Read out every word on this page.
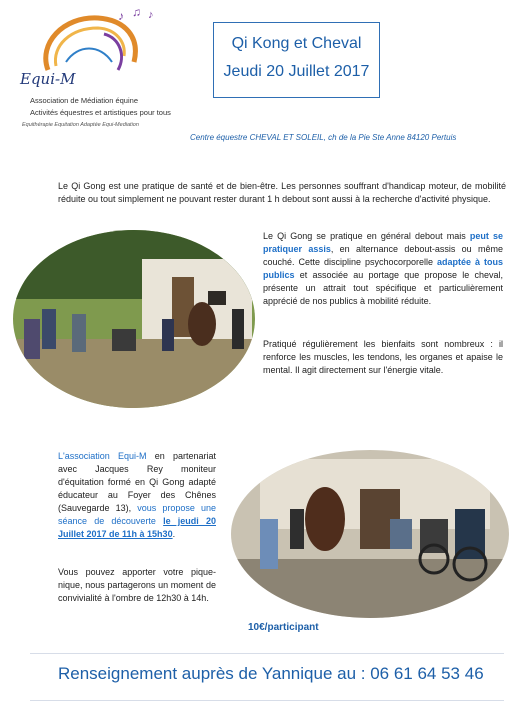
♪ ♫ ♪
Equi-M
Association de Médiation équine
Activités équestres et artistiques pour tous
Equithérapie Equitation Adaptée Equi-Mediation
Qi Kong et Cheval
Jeudi 20 Juillet 2017
Centre équestre CHEVAL ET SOLEIL, ch de la Pie Ste Anne 84120 Pertuis
Le Qi Gong est une pratique de santé et de bien-être. Les personnes souffrant d'handicap moteur, de mobilité réduite ou tout simplement ne pouvant rester durant 1 h debout sont aussi à la recherche d'activité physique.
Le Qi Gong se pratique en général debout mais peut se pratiquer assis, en alternance debout-assis ou même couché. Cette discipline psychocorporelle adaptée à tous publics et associée au portage que propose le cheval, présente un attrait tout spécifique et particulièrement apprécié de nos publics à mobilité réduite.
Pratiqué régulièrement les bienfaits sont nombreux : il renforce les muscles, les tendons, les organes et apaise le mental. Il agit directement sur l'énergie vitale.
L'association Equi-M en partenariat avec Jacques Rey moniteur d'équitation formé en Qi Gong adapté éducateur au Foyer des Chênes (Sauvegarde 13), vous propose une séance de découverte le jeudi 20 Juillet 2017 de 11h à 15h30.
Vous pouvez apporter votre pique-nique, nous partagerons un moment de convivialité à l'ombre de 12h30 à 14h.
10€/participant
Renseignement auprès de Yannique au : 06 61 64 53 46
